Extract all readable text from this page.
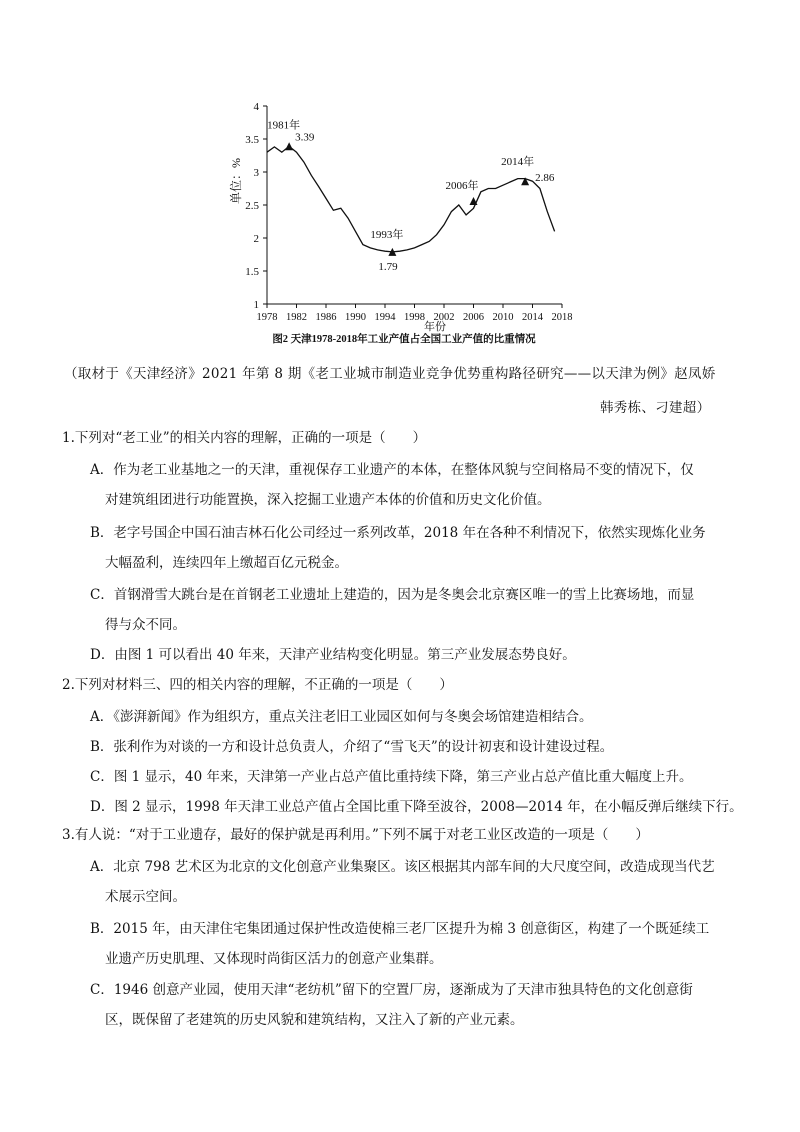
1
1.5
2
2.5
3
3.5
4
1978 1982 1986 1990 1994 1998 2002 2006 2010 2014 2018
1981年
3.39
1993年
1.79
2006年
2014年
2.86
单位：%
年份
图2 天津1978-2018年工业产值占全国工业产值的比重情况
（取材于《天津经济》2021 年第 8 期《老工业城市制造业竞争优势重构路径研究——以天津为例》赵凤娇
韩秀栋、刁建超）
1.下列对“老工业”的相关内容的理解，正确的一项是（　　）
A．作为老工业基地之一的天津，重视保存工业遗产的本体，在整体风貌与空间格局不变的情况下，仅
对建筑组团进行功能置换，深入挖掘工业遗产本体的价值和历史文化价值。
B．老字号国企中国石油吉林石化公司经过一系列改革，2018 年在各种不利情况下，依然实现炼化业务
大幅盈利，连续四年上缴超百亿元税金。
C．首钢滑雪大跳台是在首钢老工业遗址上建造的，因为是冬奥会北京赛区唯一的雪上比赛场地，而显
得与众不同。
D．由图 1 可以看出 40 年来，天津产业结构变化明显。第三产业发展态势良好。
2.下列对材料三、四的相关内容的理解，不正确的一项是（　　）
A．《澎湃新闻》作为组织方，重点关注老旧工业园区如何与冬奥会场馆建造相结合。
B．张利作为对谈的一方和设计总负责人，介绍了“雪飞天”的设计初衷和设计建设过程。
C．图 1 显示，40 年来，天津第一产业占总产值比重持续下降，第三产业占总产值比重大幅度上升。
D．图 2 显示，1998 年天津工业总产值占全国比重下降至波谷，2008—2014 年，在小幅反弹后继续下行。
3.有人说：“对于工业遗存，最好的保护就是再利用。”下列不属于对老工业区改造的一项是（　　）
A．北京 798 艺术区为北京的文化创意产业集聚区。该区根据其内部车间的大尺度空间，改造成现当代艺
术展示空间。
B．2015 年，由天津住宅集团通过保护性改造使棉三老厂区提升为棉 3 创意街区，构建了一个既延续工
业遗产历史肌理、又体现时尚街区活力的创意产业集群。
C．1946 创意产业园，使用天津“老纺机”留下的空置厂房，逐渐成为了天津市独具特色的文化创意街
区，既保留了老建筑的历史风貌和建筑结构，又注入了新的产业元素。
